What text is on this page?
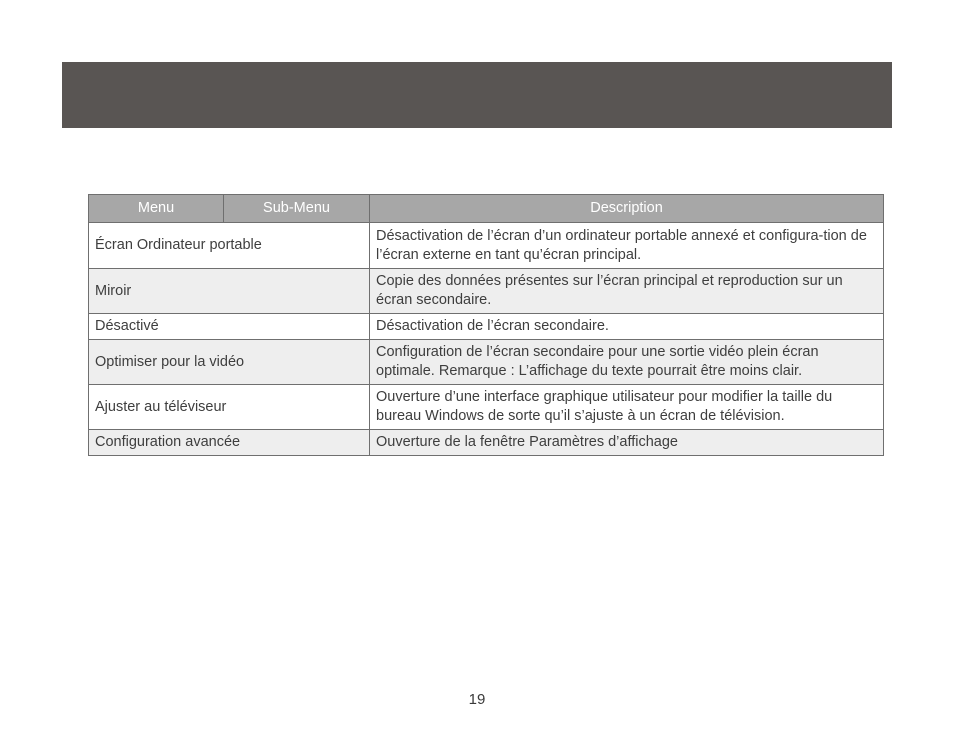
Menu	Sub-Menu	Description
Écran Ordinateur portable		Désactivation de l’écran d’un ordinateur portable annexé et configura-tion de l’écran externe en tant qu’écran principal.
Miroir		Copie des données présentes sur l’écran principal et reproduction sur un écran secondaire.
Désactivé		Désactivation de l’écran secondaire.
Optimiser pour la vidéo		Configuration de l’écran secondaire pour une sortie vidéo plein écran optimale. Remarque : L’affichage du texte pourrait être moins clair.
Ajuster au téléviseur		Ouverture d’une interface graphique utilisateur pour modifier la taille du bureau Windows de sorte qu’il s’ajuste à un écran de télévision.
Configuration avancée		Ouverture de la fenêtre Paramètres d’affichage
19
